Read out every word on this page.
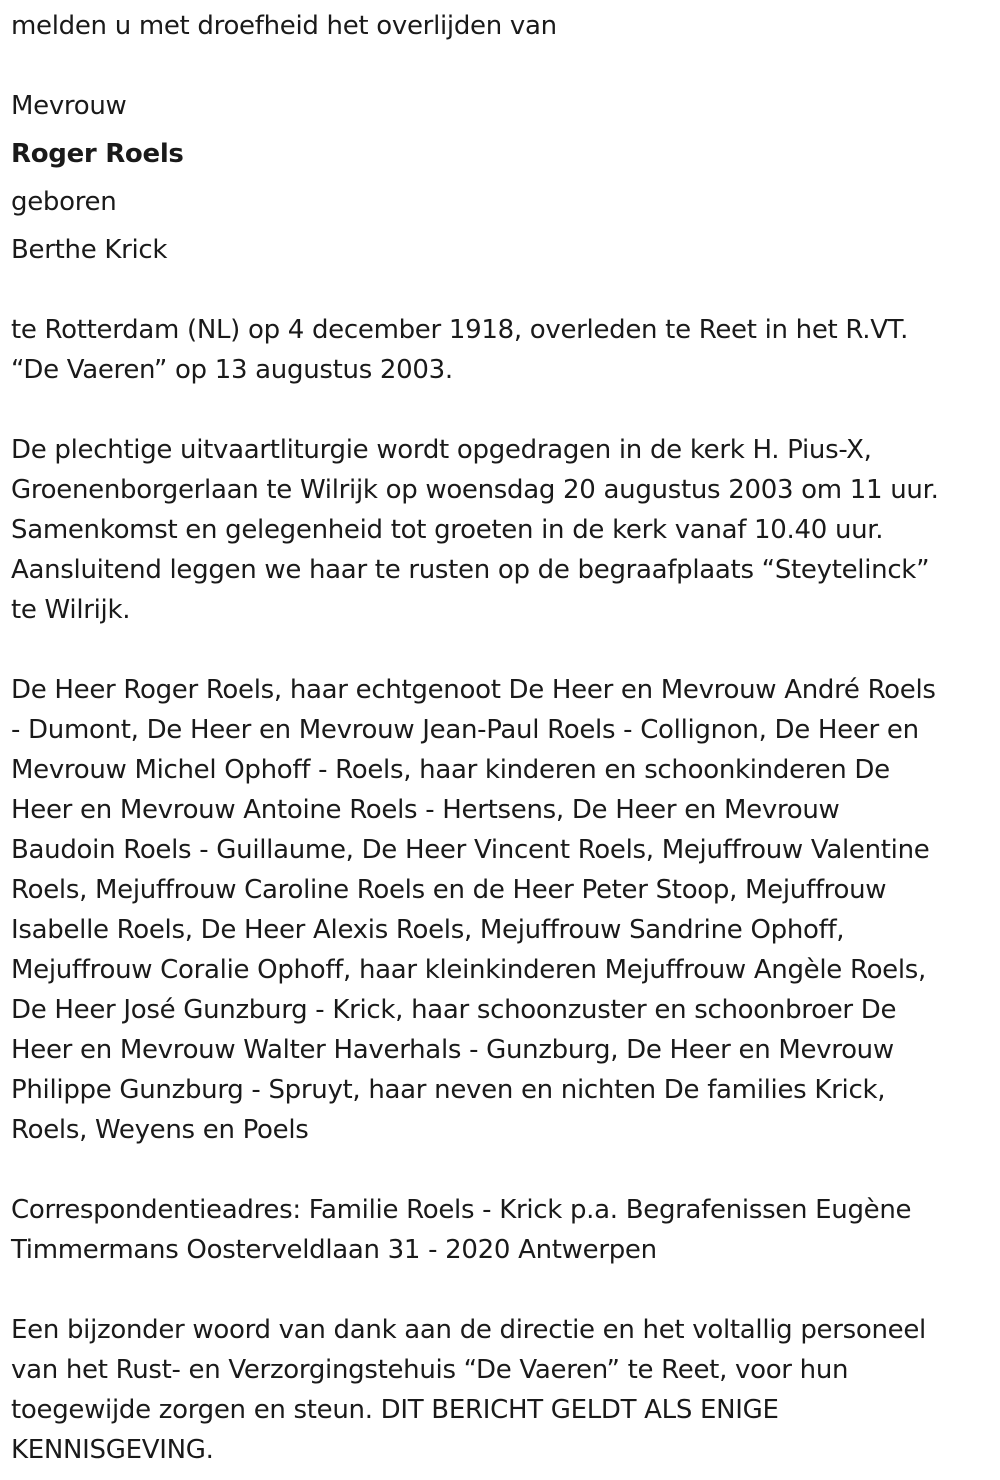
melden u met droefheid het overlijden van
Mevrouw
Roger Roels
geboren
Berthe Krick
te Rotterdam (NL) op 4 december 1918, overleden te Reet in het R.VT.
“De Vaeren” op 13 augustus 2003.
De plechtige uitvaartliturgie wordt opgedragen in de kerk H. Pius-X,
Groenenborgerlaan te Wilrijk op woensdag 20 augustus 2003 om 11 uur.
Samenkomst en gelegenheid tot groeten in de kerk vanaf 10.40 uur.
Aansluitend leggen we haar te rusten op de begraafplaats “Steytelinck”
te Wilrijk.
De Heer Roger Roels, haar echtgenoot De Heer en Mevrouw André Roels
- Dumont, De Heer en Mevrouw Jean-Paul Roels - Collignon, De Heer en
Mevrouw Michel Ophoff - Roels, haar kinderen en schoonkinderen De
Heer en Mevrouw Antoine Roels - Hertsens, De Heer en Mevrouw
Baudoin Roels - Guillaume, De Heer Vincent Roels, Mejuffrouw Valentine
Roels, Mejuffrouw Caroline Roels en de Heer Peter Stoop, Mejuffrouw
Isabelle Roels, De Heer Alexis Roels, Mejuffrouw Sandrine Ophoff,
Mejuffrouw Coralie Ophoff, haar kleinkinderen Mejuffrouw Angèle Roels,
De Heer José Gunzburg - Krick, haar schoonzuster en schoonbroer De
Heer en Mevrouw Walter Haverhals - Gunzburg, De Heer en Mevrouw
Philippe Gunzburg - Spruyt, haar neven en nichten De families Krick,
Roels, Weyens en Poels
Correspondentieadres: Familie Roels - Krick p.a. Begrafenissen Eugène
Timmermans Oosterveldlaan 31 - 2020 Antwerpen
Een bijzonder woord van dank aan de directie en het voltallig personeel
van het Rust- en Verzorgingstehuis “De Vaeren” te Reet, voor hun
toegewijde zorgen en steun. DIT BERICHT GELDT ALS ENIGE
KENNISGEVING.
